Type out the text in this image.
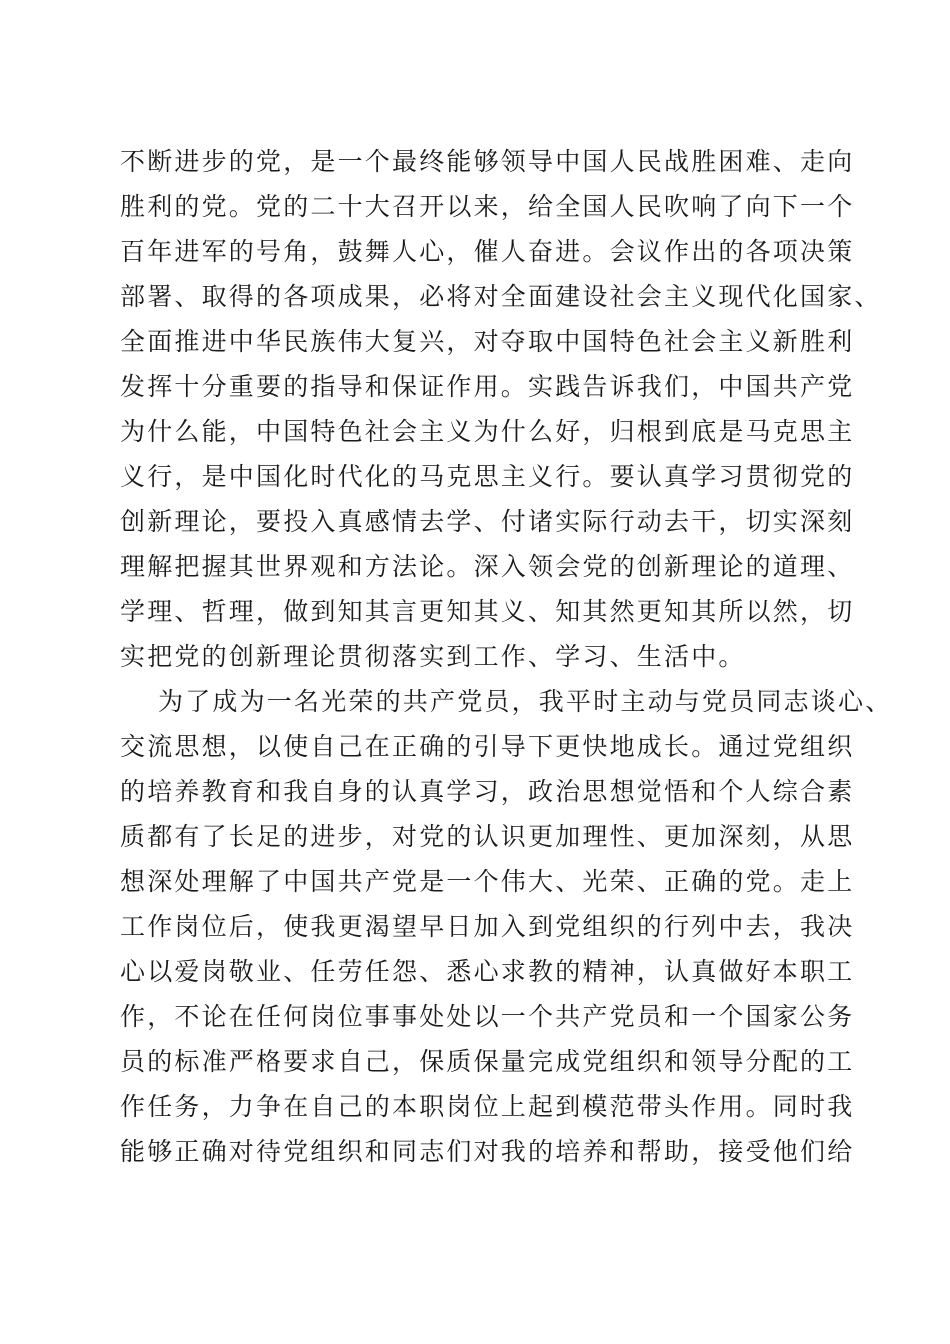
不断进步的党，是一个最终能够领导中国人民战胜困难、走向
胜利的党。党的二十大召开以来，给全国人民吹响了向下一个
百年进军的号角，鼓舞人心，催人奋进。会议作出的各项决策
部署、取得的各项成果，必将对全面建设社会主义现代化国家、
全面推进中华民族伟大复兴，对夺取中国特色社会主义新胜利
发挥十分重要的指导和保证作用。实践告诉我们，中国共产党
为什么能，中国特色社会主义为什么好，归根到底是马克思主
义行，是中国化时代化的马克思主义行。要认真学习贯彻党的
创新理论，要投入真感情去学、付诸实际行动去干，切实深刻
理解把握其世界观和方法论。深入领会党的创新理论的道理、
学理、哲理，做到知其言更知其义、知其然更知其所以然，切
实把党的创新理论贯彻落实到工作、学习、生活中。
为了成为一名光荣的共产党员，我平时主动与党员同志谈心、
交流思想，以使自己在正确的引导下更快地成长。通过党组织
的培养教育和我自身的认真学习，政治思想觉悟和个人综合素
质都有了长足的进步，对党的认识更加理性、更加深刻，从思
想深处理解了中国共产党是一个伟大、光荣、正确的党。走上
工作岗位后，使我更渴望早日加入到党组织的行列中去，我决
心以爱岗敬业、任劳任怨、悉心求教的精神，认真做好本职工
作，不论在任何岗位事事处处以一个共产党员和一个国家公务
员的标准严格要求自己，保质保量完成党组织和领导分配的工
作任务，力争在自己的本职岗位上起到模范带头作用。同时我
能够正确对待党组织和同志们对我的培养和帮助，接受他们给
